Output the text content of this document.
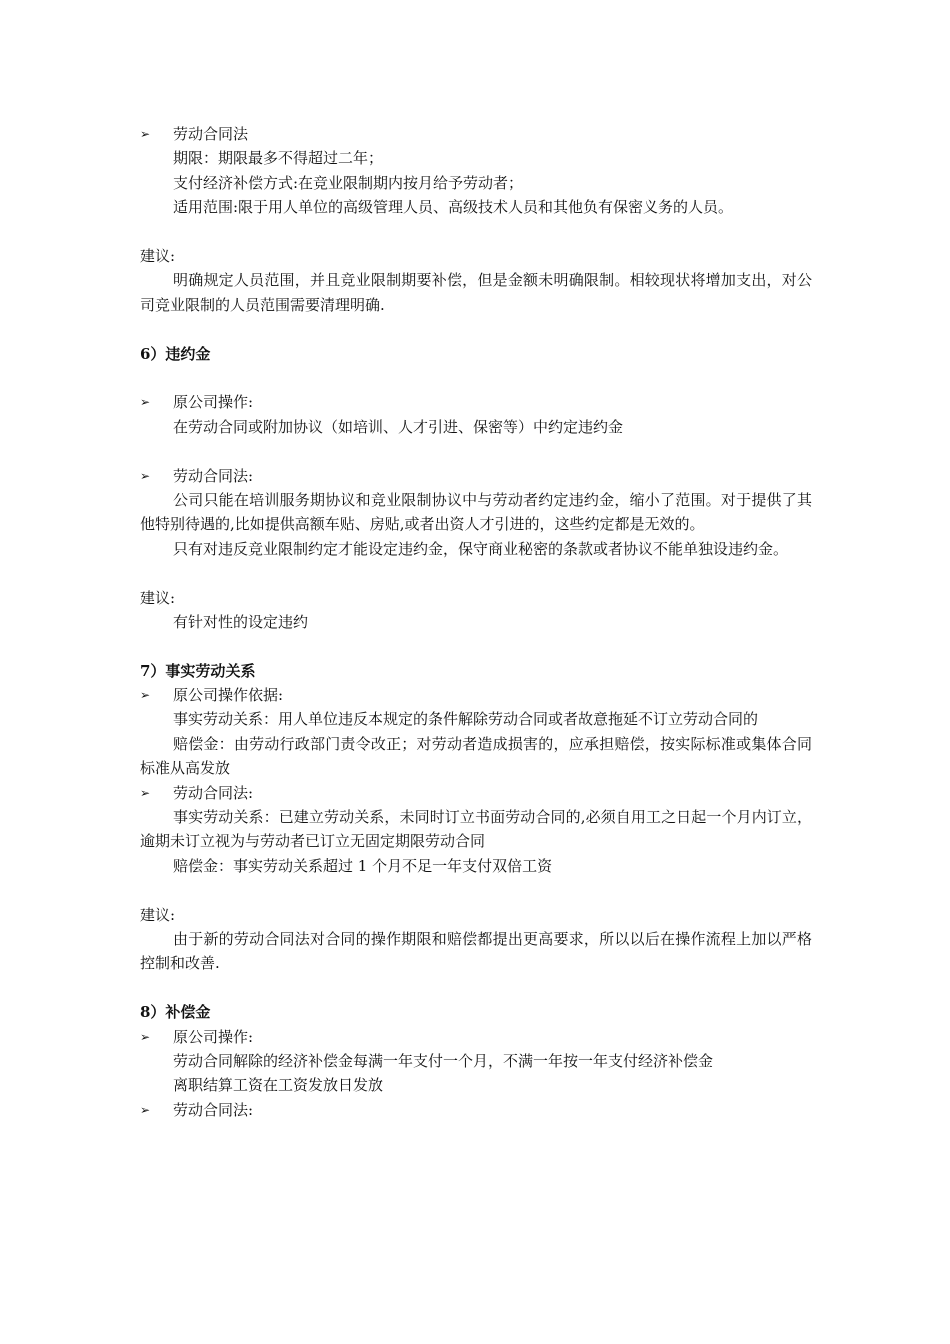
➢ 劳动合同法
期限：期限最多不得超过二年；
支付经济补偿方式:在竞业限制期内按月给予劳动者；
适用范围:限于用人单位的高级管理人员、高级技术人员和其他负有保密义务的人员。
建议:
明确规定人员范围，并且竞业限制期要补偿，但是金额未明确限制。相较现状将增加支出，对公司竞业限制的人员范围需要清理明确.
6）违约金
➢ 原公司操作:
在劳动合同或附加协议（如培训、人才引进、保密等）中约定违约金
➢ 劳动合同法:
公司只能在培训服务期协议和竞业限制协议中与劳动者约定违约金，缩小了范围。对于提供了其他特别待遇的,比如提供高额车贴、房贴,或者出资人才引进的，这些约定都是无效的。
只有对违反竞业限制约定才能设定违约金，保守商业秘密的条款或者协议不能单独设违约金。
建议:
有针对性的设定违约
7）事实劳动关系
➢ 原公司操作依据:
事实劳动关系：用人单位违反本规定的条件解除劳动合同或者故意拖延不订立劳动合同的
赔偿金：由劳动行政部门责令改正；对劳动者造成损害的，应承担赔偿，按实际标准或集体合同标准从高发放
➢ 劳动合同法:
事实劳动关系：已建立劳动关系，未同时订立书面劳动合同的,必须自用工之日起一个月内订立，逾期未订立视为与劳动者已订立无固定期限劳动合同
赔偿金：事实劳动关系超过 1 个月不足一年支付双倍工资
建议:
由于新的劳动合同法对合同的操作期限和赔偿都提出更高要求，所以以后在操作流程上加以严格控制和改善.
8）补偿金
➢ 原公司操作:
劳动合同解除的经济补偿金每满一年支付一个月，不满一年按一年支付经济补偿金
离职结算工资在工资发放日发放
➢ 劳动合同法:
